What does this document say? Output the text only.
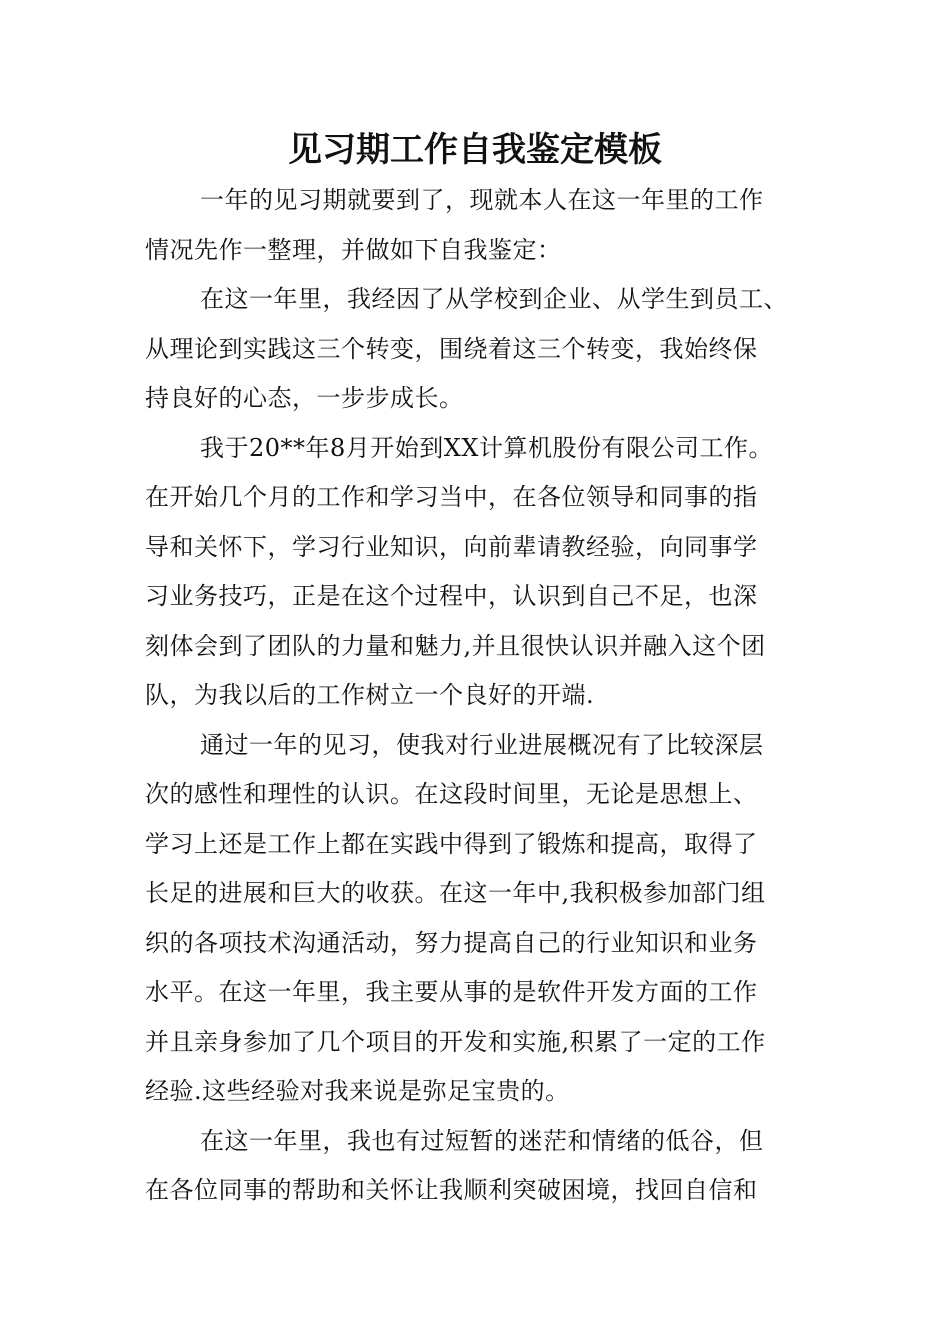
见习期工作自我鉴定模板
一年的见习期就要到了，现就本人在这一年里的工作
情况先作一整理，并做如下自我鉴定：
在这一年里，我经因了从学校到企业、从学生到员工、
从理论到实践这三个转变，围绕着这三个转变，我始终保
持良好的心态，一步步成长。
我于20**年8月开始到XX计算机股份有限公司工作。
在开始几个月的工作和学习当中，在各位领导和同事的指
导和关怀下，学习行业知识，向前辈请教经验，向同事学
习业务技巧，正是在这个过程中，认识到自己不足，也深
刻体会到了团队的力量和魅力,并且很快认识并融入这个团
队，为我以后的工作树立一个良好的开端.
通过一年的见习，使我对行业进展概况有了比较深层
次的感性和理性的认识。在这段时间里，无论是思想上、
学习上还是工作上都在实践中得到了锻炼和提高，取得了
长足的进展和巨大的收获。在这一年中,我积极参加部门组
织的各项技术沟通活动，努力提高自己的行业知识和业务
水平。在这一年里，我主要从事的是软件开发方面的工作
并且亲身参加了几个项目的开发和实施,积累了一定的工作
经验.这些经验对我来说是弥足宝贵的。
在这一年里，我也有过短暂的迷茫和情绪的低谷，但
在各位同事的帮助和关怀让我顺利突破困境，找回自信和
